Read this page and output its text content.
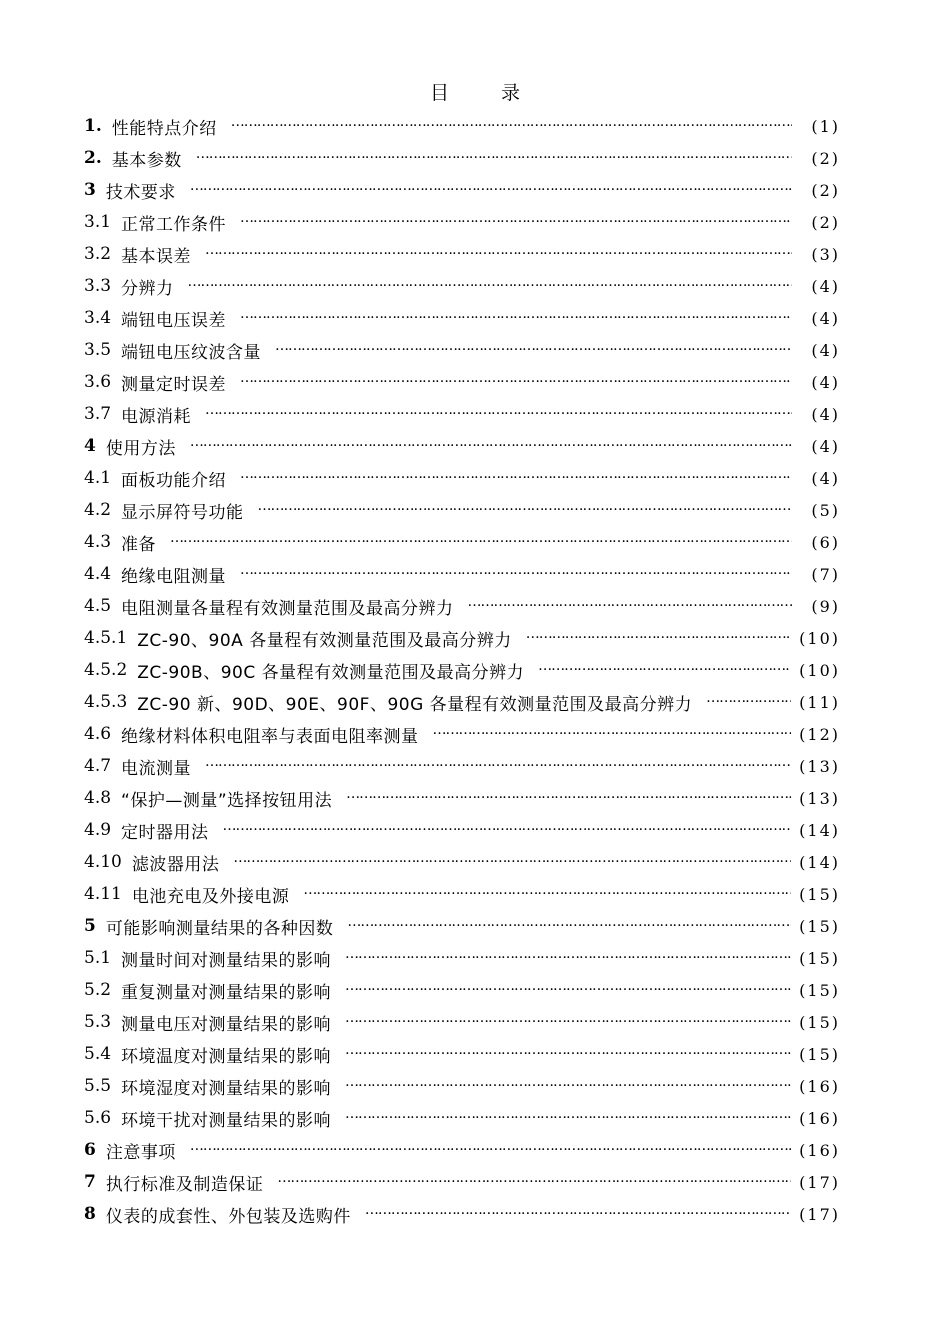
目	录
1. 性能特点介绍 …………………………………………………………………………………………………………………………………………………………………………………	(1)
2. 基本参数 …………………………………………………………………………………………………………………………………………………………………………………	(2)
3 技术要求 …………………………………………………………………………………………………………………………………………………………………………………	(2)
3.1 正常工作条件 …………………………………………………………………………………………………………………………………………………………………………………	(2)
3.2 基本误差 …………………………………………………………………………………………………………………………………………………………………………………	(3)
3.3 分辨力 …………………………………………………………………………………………………………………………………………………………………………………	(4)
3.4 端钮电压误差 …………………………………………………………………………………………………………………………………………………………………………………	(4)
3.5 端钮电压纹波含量 …………………………………………………………………………………………………………………………………………………………………………………	(4)
3.6 测量定时误差 …………………………………………………………………………………………………………………………………………………………………………………	(4)
3.7 电源消耗 …………………………………………………………………………………………………………………………………………………………………………………	(4)
4 使用方法 …………………………………………………………………………………………………………………………………………………………………………………	(4)
4.1 面板功能介绍 …………………………………………………………………………………………………………………………………………………………………………………	(4)
4.2 显示屏符号功能 …………………………………………………………………………………………………………………………………………………………………………………	(5)
4.3 准备 …………………………………………………………………………………………………………………………………………………………………………………	(6)
4.4 绝缘电阻测量 …………………………………………………………………………………………………………………………………………………………………………………	(7)
4.5 电阻测量各量程有效测量范围及最高分辨力 …………………………………………………………………………………………………………………………………………………………………………………	(9)
4.5.1 ZC-90、90A 各量程有效测量范围及最高分辨力 …………………………………………………………………………………………………………………………………………………………………………………	(10)
4.5.2 ZC-90B、90C 各量程有效测量范围及最高分辨力 …………………………………………………………………………………………………………………………………………………………………………………	(10)
4.5.3 ZC-90 新、90D、90E、90F、90G 各量程有效测量范围及最高分辨力 …………………………………………………………………………………………………………………………………………………………………………………	(11)
4.6 绝缘材料体积电阻率与表面电阻率测量 …………………………………………………………………………………………………………………………………………………………………………………	(12)
4.7 电流测量 …………………………………………………………………………………………………………………………………………………………………………………	(13)
4.8 “保护—测量”选择按钮用法 …………………………………………………………………………………………………………………………………………………………………………………	(13)
4.9 定时器用法 …………………………………………………………………………………………………………………………………………………………………………………	(14)
4.10 滤波器用法 …………………………………………………………………………………………………………………………………………………………………………………	(14)
4.11 电池充电及外接电源 …………………………………………………………………………………………………………………………………………………………………………………	(15)
5 可能影响测量结果的各种因数 …………………………………………………………………………………………………………………………………………………………………………………	(15)
5.1 测量时间对测量结果的影响 …………………………………………………………………………………………………………………………………………………………………………………	(15)
5.2 重复测量对测量结果的影响 …………………………………………………………………………………………………………………………………………………………………………………	(15)
5.3 测量电压对测量结果的影响 …………………………………………………………………………………………………………………………………………………………………………………	(15)
5.4 环境温度对测量结果的影响 …………………………………………………………………………………………………………………………………………………………………………………	(15)
5.5 环境湿度对测量结果的影响 …………………………………………………………………………………………………………………………………………………………………………………	(16)
5.6 环境干扰对测量结果的影响 …………………………………………………………………………………………………………………………………………………………………………………	(16)
6 注意事项 …………………………………………………………………………………………………………………………………………………………………………………	(16)
7 执行标准及制造保证 …………………………………………………………………………………………………………………………………………………………………………………	(17)
8 仪表的成套性、外包装及选购件 …………………………………………………………………………………………………………………………………………………………………………………	(17)
